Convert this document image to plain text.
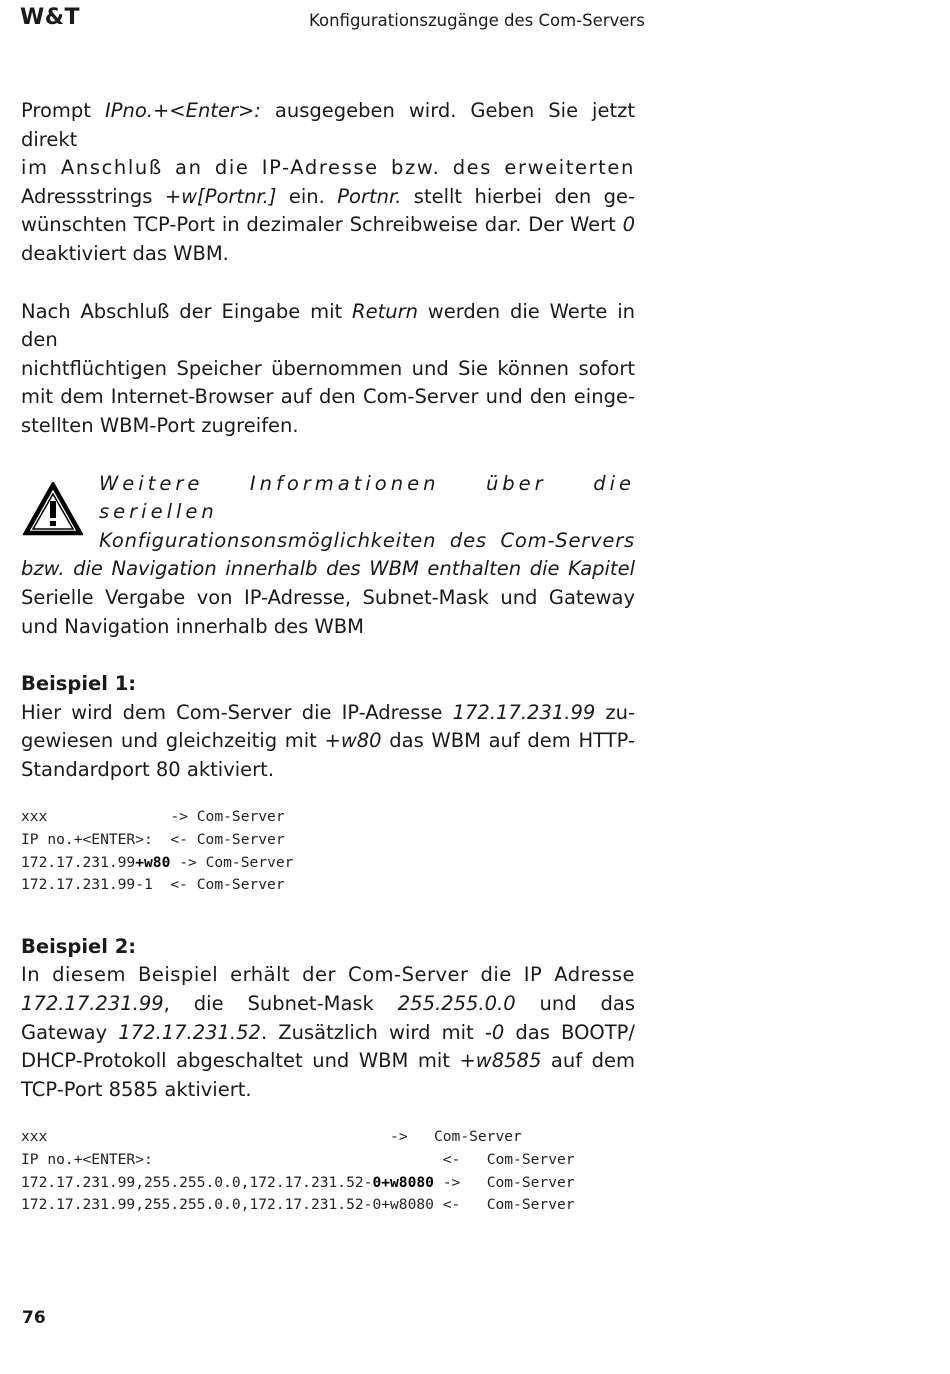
W&T	Konfigurationszugänge des Com-Servers

Prompt IPno.+<Enter>: ausgegeben wird. Geben Sie jetzt direkt
im Anschluß an die IP-Adresse bzw. des erweiterten
Adressstrings +w[Portnr.] ein. Portnr. stellt hierbei den ge-
wünschten TCP-Port in dezimaler Schreibweise dar. Der Wert 0
deaktiviert das WBM.

Nach Abschluß der Eingabe mit Return werden die Werte in den
nichtflüchtigen Speicher übernommen und Sie können sofort
mit dem Internet-Browser auf den Com-Server und den einge-
stellten WBM-Port zugreifen.

Weitere Informationen über die seriellen
Konfigurationsonsmöglichkeiten des Com-Servers
bzw. die Navigation innerhalb des WBM enthalten die Kapitel
Serielle Vergabe von IP-Adresse, Subnet-Mask und Gateway
und Navigation innerhalb des WBM

Beispiel 1:

Hier wird dem Com-Server die IP-Adresse 172.17.231.99 zu-
gewiesen und gleichzeitig mit +w80 das WBM auf dem HTTP-
Standardport 80 aktiviert.

xxx              -> Com-Server
IP no.+<ENTER>:  <- Com-Server
172.17.231.99+w80 -> Com-Server
172.17.231.99-1  <- Com-Server
Beispiel 2:

In diesem Beispiel erhält der Com-Server die IP Adresse
172.17.231.99, die Subnet-Mask 255.255.0.0 und das
Gateway 172.17.231.52. Zusätzlich wird mit -0 das BOOTP/
DHCP-Protokoll abgeschaltet und WBM mit +w8585 auf dem
TCP-Port 8585 aktiviert.

xxx                                       -> Com-Server
IP no.+<ENTER>:	<- Com-Server
172.17.231.99,255.255.0.0,172.17.231.52-0+w8080 -> Com-Server
172.17.231.99,255.255.0.0,172.17.231.52-0+w8080 <- Com-Server
76
